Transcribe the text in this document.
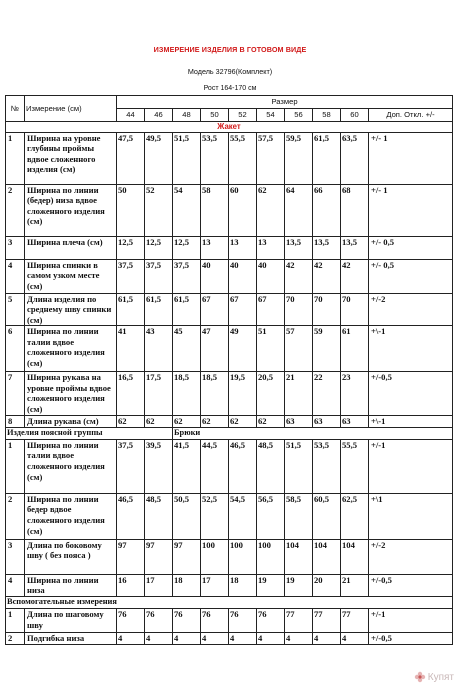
ИЗМЕРЕНИЕ ИЗДЕЛИЯ В ГОТОВОМ ВИДЕ
Модель 32796(Комплект)
Рост 164-170 см
№	Измерение (см)	Размер									
		44	46	48	50	52	54	56	58	60	Доп. Откл. +/-
Жакет											
1	Ширина на уровне глубины проймы вдвое сложенного изделия (см)	47,5	49,5	51,5	53,5	55,5	57,5	59,5	61,5	63,5	+/- 1
2	Ширина по линии (бедер) низа вдвое сложенного изделия (см)	50	52	54	58	60	62	64	66	68	+/- 1
3	Ширина плеча (см)	12,5	12,5	12,5	13	13	13	13,5	13,5	13,5	+/- 0,5
4	Ширина спинки в самом узком месте (см)	37,5	37,5	37,5	40	40	40	42	42	42	+/- 0,5
5	Длина изделия по среднему шву спинки (см)	61,5	61,5	61,5	67	67	67	70	70	70	+/-2
6	Ширина по линии талии вдвое сложенного изделия (см)	41	43	45	47	49	51	57	59	61	+\-1
7	Ширина рукава на уровне проймы вдвое сложенного изделия (см)	16,5	17,5	18,5	18,5	19,5	20,5	21	22	23	+/-0,5
8	Длина рукава (см)	62	62	62	62	62	62	63	63	63	+\-1
Изделия поясной группы				Брюки							
1	Ширина по линии талии вдвое сложенного изделия (см)	37,5	39,5	41,5	44,5	46,5	48,5	51,5	53,5	55,5	+/-1
2	Ширина по линии бедер вдвое сложенного изделия (см)	46,5	48,5	50,5	52,5	54,5	56,5	58,5	60,5	62,5	+\1
3	Длина по боковому шву ( без пояса )	97	97	97	100	100	100	104	104	104	+/-2
4	Ширина по линии низа	16	17	18	17	18	19	19	20	21	+/-0,5
Вспомогательные измерения											
1	Длина по шаговому шву	76	76	76	76	76	76	77	77	77	+/-1
2	Подгибка низа	4	4	4	4	4	4	4	4	4	+/-0,5
Купят
